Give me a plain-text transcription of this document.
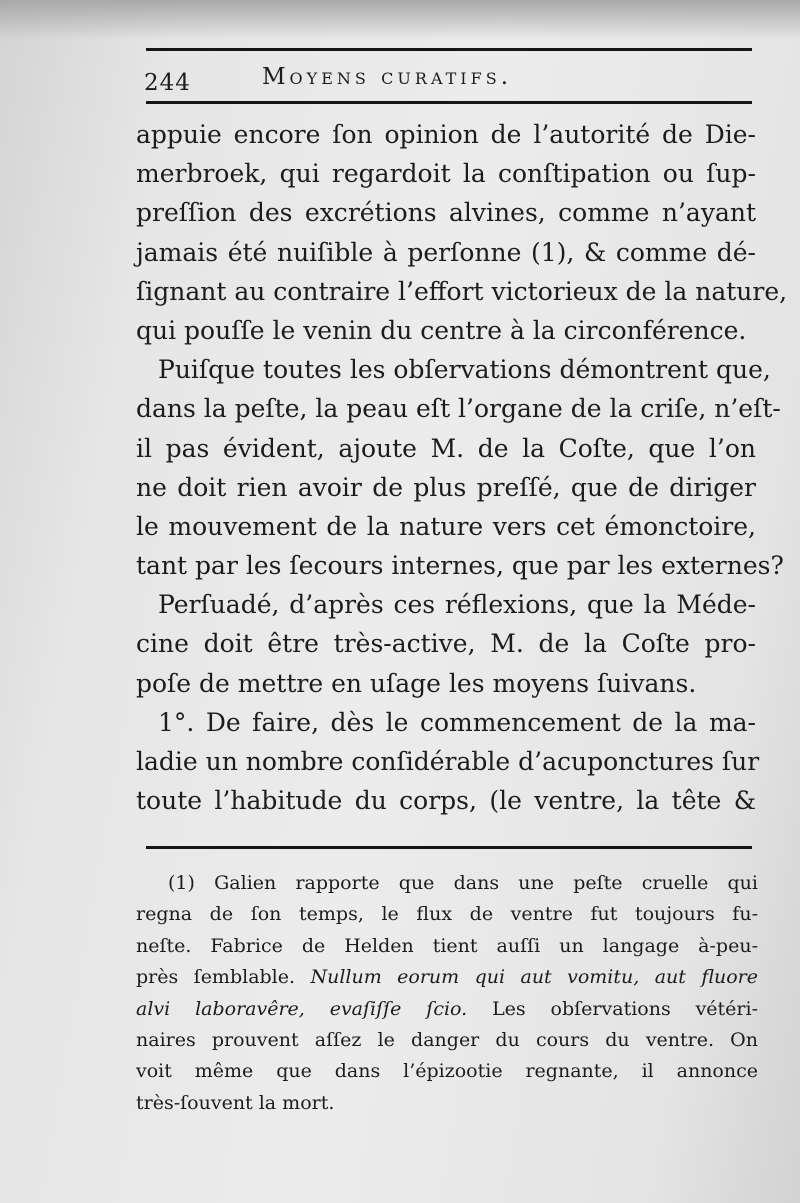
244	Moyens curatifs.
appuie encore ſon opinion de l’autorité de Die-
merbroek, qui regardoit la conſtipation ou ſup-
preſſion des excrétions alvines, comme n’ayant
jamais été nuiſible à perſonne (1), & comme dé-
ſignant au contraire l’effort victorieux de la nature,
qui pouſſe le venin du centre à la circonférence.
Puiſque toutes les obſervations démontrent que,
dans la peſte, la peau eſt l’organe de la criſe, n’eſt-
il pas évident, ajoute M. de la Coſte, que l’on
ne doit rien avoir de plus preſſé, que de diriger
le mouvement de la nature vers cet émonctoire,
tant par les ſecours internes, que par les externes?
Perſuadé, d’après ces réflexions, que la Méde-
cine doit être très-active, M. de la Coſte pro-
poſe de mettre en uſage les moyens ſuivans.
1°. De faire, dès le commencement de la ma-
ladie un nombre conſidérable d’acuponctures ſur
toute l’habitude du corps, (le ventre, la tête &
(1) Galien rapporte que dans une peſte cruelle qui
regna de ſon temps, le flux de ventre fut toujours fu-
neſte. Fabrice de Helden tient auſſi un langage à-peu-
près ſemblable. Nullum eorum qui aut vomitu, aut fluore
alvi laboravêre, evaſiſſe ſcio. Les obſervations vétéri-
naires prouvent aſſez le danger du cours du ventre. On
voit même que dans l’épizootie regnante, il annonce
très-ſouvent la mort.
